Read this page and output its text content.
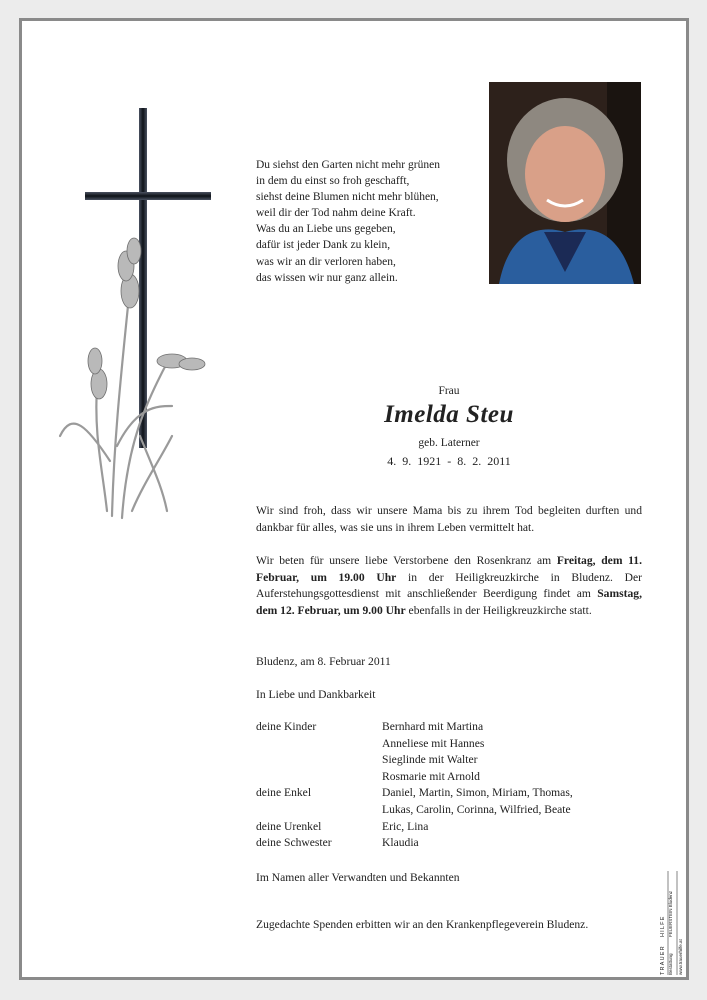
Du siehst den Garten nicht mehr grünen
in dem du einst so froh geschafft,
siehst deine Blumen nicht mehr blühen,
weil dir der Tod nahm deine Kraft.
Was du an Liebe uns gegeben,
dafür ist jeder Dank zu klein,
was wir an dir verloren haben,
das wissen wir nur ganz allein.
Frau
Imelda Steu
geb. Laterner
4. 9. 1921 - 8. 2. 2011
Wir sind froh, dass wir unsere Mama bis zu ihrem Tod begleiten durften und dankbar für alles, was sie uns in ihrem Leben vermittelt hat.
Wir beten für unsere liebe Verstorbene den Rosenkranz am Freitag, dem 11. Februar, um 19.00 Uhr in der Heiligkreuzkirche in Bludenz. Der Auferstehungsgottesdienst mit anschließender Beerdigung findet am Samstag, dem 12. Februar, um 9.00 Uhr ebenfalls in der Heiligkreuzkirche statt.
Bludenz, am 8. Februar 2011
In Liebe und Dankbarkeit
deine Kinder	Bernhard mit Martina
Anneliese mit Hannes
Sieglinde mit Walter
Rosmarie mit Arnold
deine Enkel	Daniel, Martin, Simon, Miriam, Thomas,
Lukas, Carolin, Corinna, Wilfried, Beate
deine Urenkel	Eric, Lina
deine Schwester	Klaudia
Im Namen aller Verwandten und Bekannten
Zugedachte Spenden erbitten wir an den Krankenpflegeverein Bludenz.
TRAUER
HILFE
Bestattung
FEUERSTEIN Bludenz
www.trauerhilfe.at
